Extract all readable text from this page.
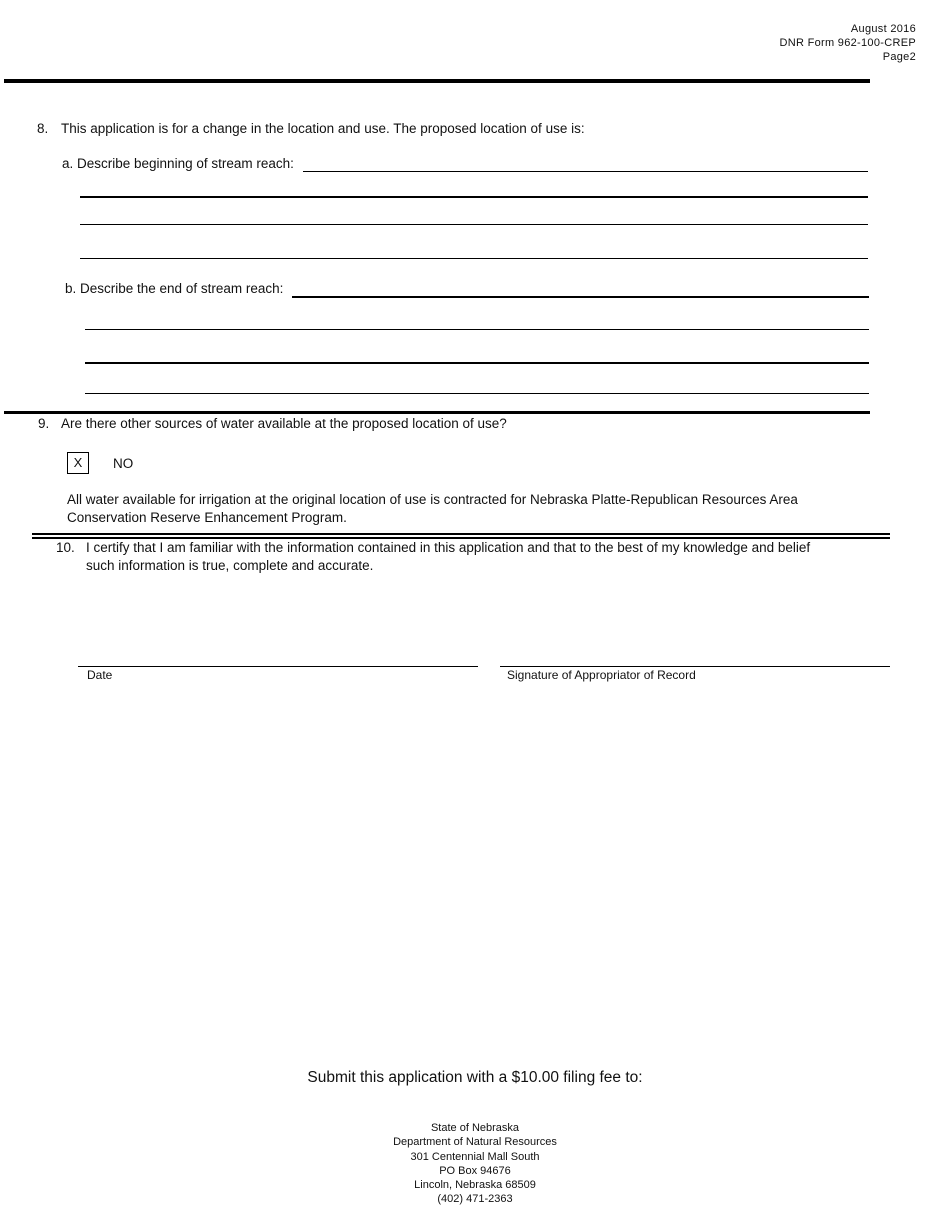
August 2016
DNR Form 962-100-CREP
Page2
8. This application is for a change in the location and use. The proposed location of use is:
a. Describe beginning of stream reach:
b. Describe the end of stream reach:
9. Are there other sources of water available at the proposed location of use?
X	NO
All water available for irrigation at the original location of use is contracted for Nebraska Platte-Republican Resources Area
Conservation Reserve Enhancement Program.
10. I certify that I am familiar with the information contained in this application and that to the best of my knowledge and belief
such information is true, complete and accurate.
Date	Signature of Appropriator of Record
Submit this application with a $10.00 filing fee to:
State of Nebraska
Department of Natural Resources
301 Centennial Mall South
PO Box 94676
Lincoln, Nebraska 68509
(402) 471-2363
